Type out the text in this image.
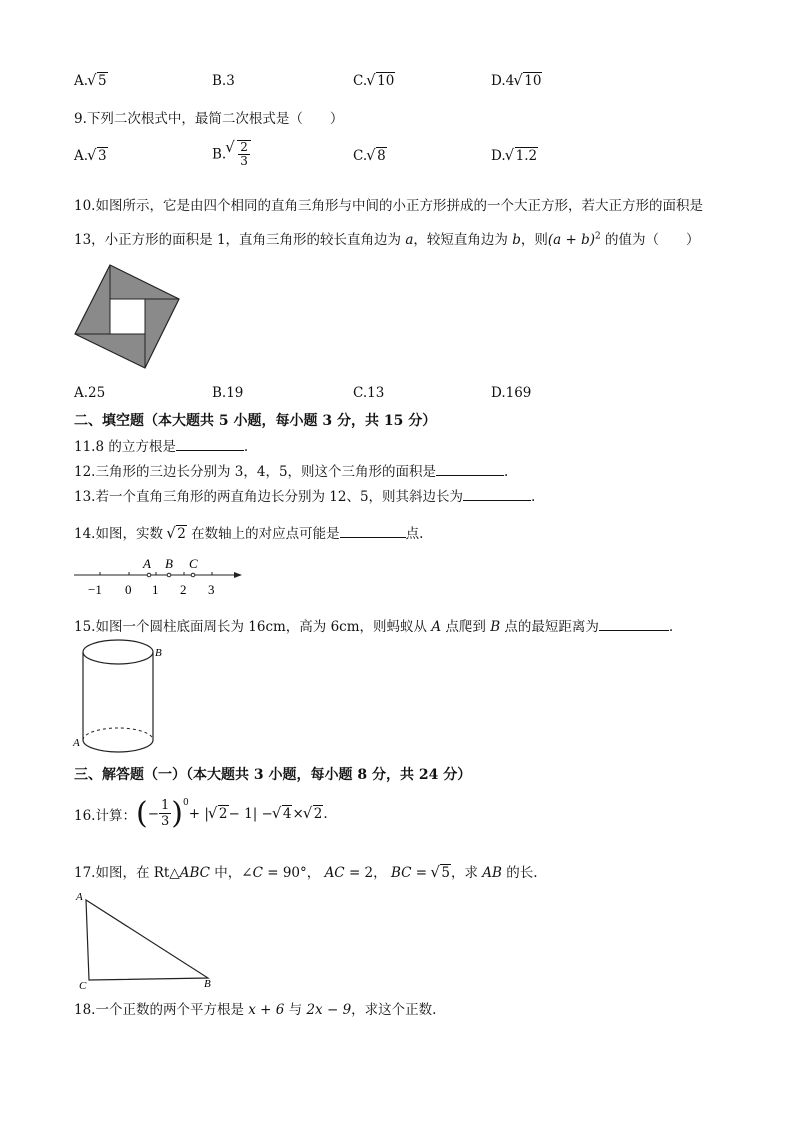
A. √ 5	B.3	C. √ 10	D.4 √ 10
9.下列二次根式中，最简二次根式是（　　）
A. √ 3	B. √ $\frac{2}{3}$	C. √ 8	D. √ 1.2
10.如图所示，它是由四个相同的直角三角形与中间的小正方形拼成的一个大正方形，若大正方形的面积是
13，小正方形的面积是 1，直角三角形的较长直角边为 a，较短直角边为 b，则$(a + b)^2$ 的值为（　　）
A.25	B.19	C.13	D.169
二、填空题（本大题共 5 小题，每小题 3 分，共 15 分）
11.8 的立方根是	.
12.三角形的三边长分别为 3，4，5，则这个三角形的面积是	.
13.若一个直角三角形的两直角边长分别为 12、5，则其斜边长为	.
14.如图，实数 √ 2 在数轴上的对应点可能是	点.
A B C
−1 0 1 2 3
15.如图一个圆柱底面周长为 16cm，高为 6cm，则蚂蚁从 A 点爬到 B 点的最短距离为	.
B
A
三、解答题（一）（本大题共 3 小题，每小题 8 分，共 24 分）
16.计算： ( − $\frac{1}{3} )^0$
+ | √ 2 − 1| − √ 4 × √ 2 .
17.如图，在 Rt△ABC 中，∠C = 90°， AC = 2， BC = √ 5，求 AB 的长.
A
C	B
18.一个正数的两个平方根是 x + 6 与 2x − 9，求这个正数.
